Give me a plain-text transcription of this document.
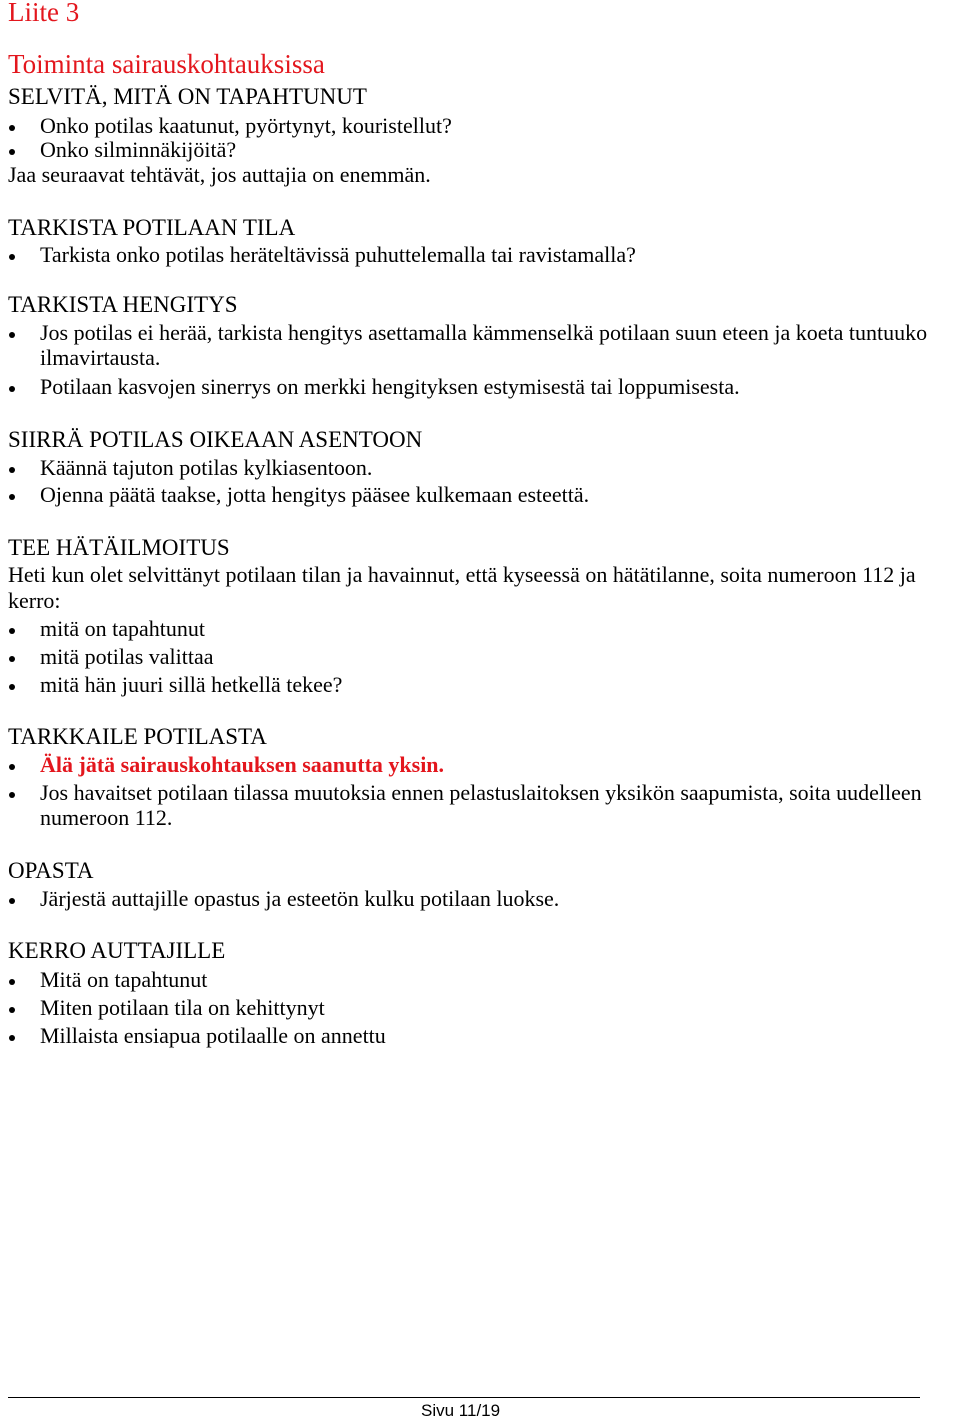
Liite 3
Toiminta sairauskohtauksissa
SELVITÄ, MITÄ ON TAPAHTUNUT
Onko potilas kaatunut, pyörtynyt, kouristellut?
Onko silminnäkijöitä?

Jaa seuraavat tehtävät, jos auttajia on enemmän.

TARKISTA POTILAAN TILA
Tarkista onko potilas heräteltävissä puhuttelemalla tai ravistamalla?
TARKISTA HENGITYS
Jos potilas ei herää, tarkista hengitys asettamalla kämmenselkä potilaan suun eteen ja koeta tuntuuko
ilmavirtausta.
Potilaan kasvojen sinerrys on merkki hengityksen estymisestä tai loppumisesta.
SIIRRÄ POTILAS OIKEAAN ASENTOON
Käännä tajuton potilas kylkiasentoon.
Ojenna päätä taakse, jotta hengitys pääsee kulkemaan esteettä.
TEE HÄTÄILMOITUS

Heti kun olet selvittänyt potilaan tilan ja havainnut, että kyseessä on hätätilanne, soita numeroon 112 ja

kerro:

mitä on tapahtunut
mitä potilas valittaa
mitä hän juuri sillä hetkellä tekee?
TARKKAILE POTILASTA
Älä jätä sairauskohtauksen saanutta yksin.
Jos havaitset potilaan tilassa muutoksia ennen pelastuslaitoksen yksikön saapumista, soita uudelleen
numeroon 112.
OPASTA
Järjestä auttajille opastus ja esteetön kulku potilaan luokse.
KERRO AUTTAJILLE
Mitä on tapahtunut
Miten potilaan tila on kehittynyt
Millaista ensiapua potilaalle on annettu

Sivu 11/19
